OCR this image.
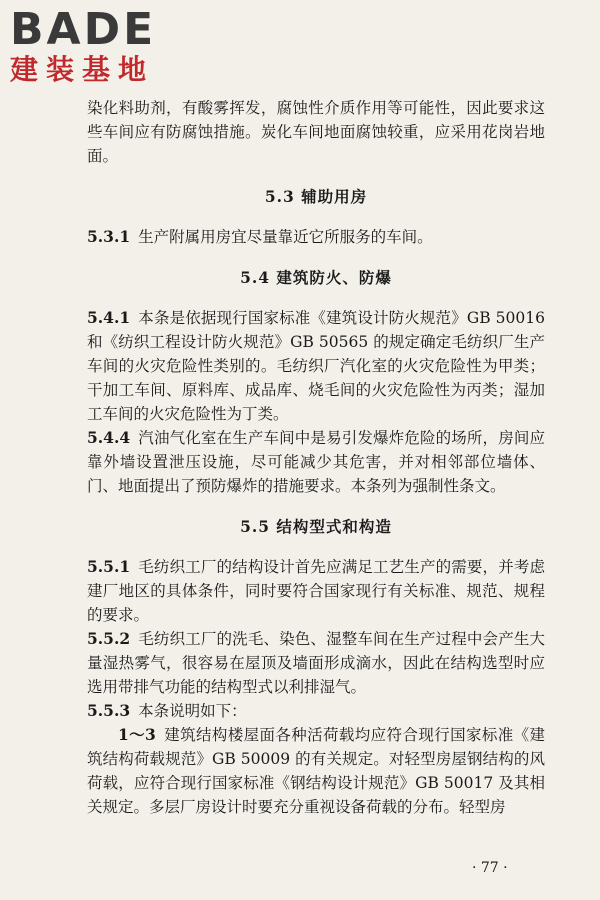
BADE
建装基地

染化料助剂，有酸雾挥发，腐蚀性介质作用等可能性，因此要求这些车间应有防腐蚀措施。炭化车间地面腐蚀较重，应采用花岗岩地面。

5.3 辅助用房

5.3.1 生产附属用房宜尽量靠近它所服务的车间。

5.4 建筑防火、防爆

5.4.1 本条是依据现行国家标准《建筑设计防火规范》GB 50016和《纺织工程设计防火规范》GB 50565 的规定确定毛纺织厂生产车间的火灾危险性类别的。毛纺织厂汽化室的火灾危险性为甲类；干加工车间、原料库、成品库、烧毛间的火灾危险性为丙类；湿加工车间的火灾危险性为丁类。

5.4.4 汽油气化室在生产车间中是易引发爆炸危险的场所，房间应靠外墙设置泄压设施，尽可能减少其危害，并对相邻部位墙体、门、地面提出了预防爆炸的措施要求。本条列为强制性条文。

5.5 结构型式和构造

5.5.1 毛纺织工厂的结构设计首先应满足工艺生产的需要，并考虑建厂地区的具体条件，同时要符合国家现行有关标准、规范、规程的要求。

5.5.2 毛纺织工厂的洗毛、染色、湿整车间在生产过程中会产生大量湿热雾气，很容易在屋顶及墙面形成滴水，因此在结构选型时应选用带排气功能的结构型式以利排湿气。

5.5.3 本条说明如下：

1～3 建筑结构楼屋面各种活荷载均应符合现行国家标准《建筑结构荷载规范》GB 50009 的有关规定。对轻型房屋钢结构的风荷载，应符合现行国家标准《钢结构设计规范》GB 50017 及其相关规定。多层厂房设计时要充分重视设备荷载的分布。轻型房

· 77 ·
